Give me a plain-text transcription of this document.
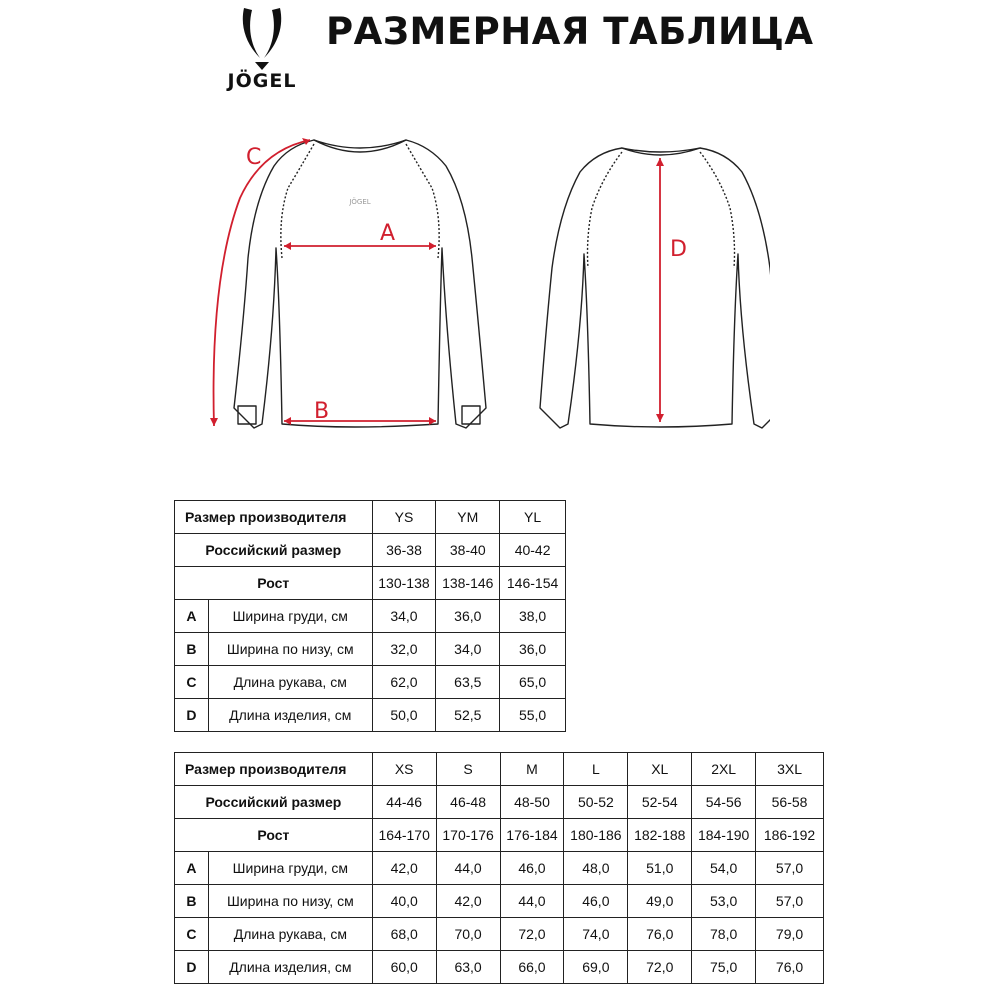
JÖGEL
РАЗМЕРНАЯ ТАБЛИЦА
JÖGEL
A
B
C
D
Размер производителя		YS	YM	YL
Российский размер		36-38	38-40	40-42
Рост		130-138	138-146	146-154
A	Ширина груди, см	34,0	36,0	38,0
B	Ширина по низу, см	32,0	34,0	36,0
C	Длина рукава, см	62,0	63,5	65,0
D	Длина изделия, см	50,0	52,5	55,0
Размер производителя		XS	S	M	L	XL	2XL	3XL
Российский размер		44-46	46-48	48-50	50-52	52-54	54-56	56-58
Рост		164-170	170-176	176-184	180-186	182-188	184-190	186-192
A	Ширина груди, см	42,0	44,0	46,0	48,0	51,0	54,0	57,0
B	Ширина по низу, см	40,0	42,0	44,0	46,0	49,0	53,0	57,0
C	Длина рукава, см	68,0	70,0	72,0	74,0	76,0	78,0	79,0
D	Длина изделия, см	60,0	63,0	66,0	69,0	72,0	75,0	76,0
